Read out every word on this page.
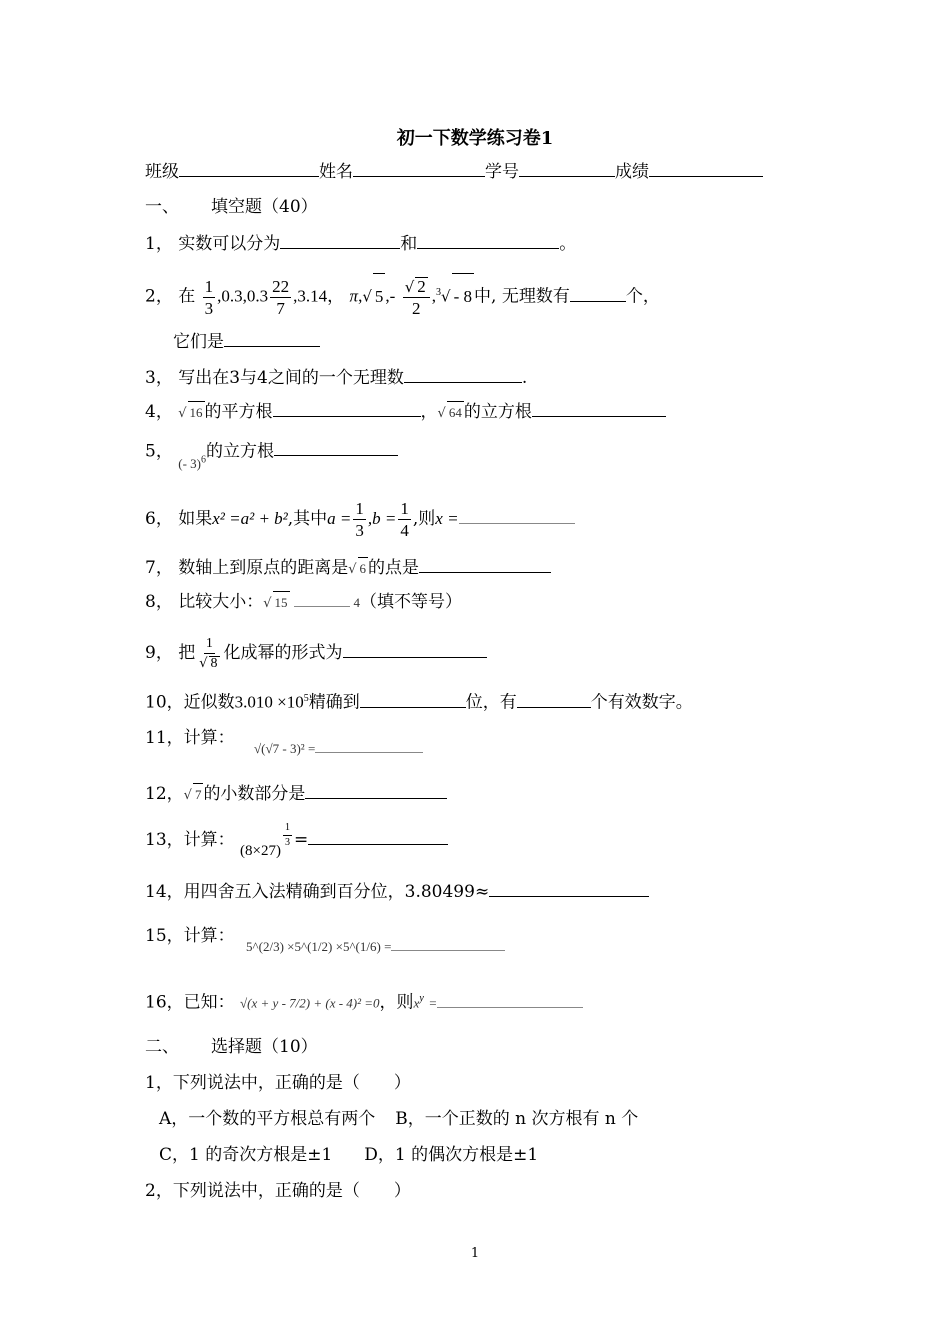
初一下数学练习卷1
班级	姓名	学号	成绩
一、 填空题（40）
1， 实数可以分为	和	。
2， 在 $\frac{1}{3} ,0.3,0.3 \frac{22}{7} ,3.14$， π,√ 5 ,- $\frac{√ 2}{2} ,^3√ - 8$ 中, 无理数有	个，
它们是
3， 写出在3与4之间的一个无理数	.
4， √ 16 的平方根	，√ 64 的立方根
5， $_{(- 3)^6}$的立方根
6， 如果x² =a² + b²,其中$a = \frac{1}{3} ,b = \frac{1}{4}$ ,则x =
7， 数轴上到原点的距离是√ 6 的点是
8， 比较大小：√ 15	4（填不等号）
9， 把 $\frac{1}{√ 8}$ 化成幂的形式为
10，近似数$3.010 \times 10^5$精确到	位，有	个有效数字。
11，计算： $_{√(√7 - 3)^2 =}$
12，√ 7 的小数部分是
13，计算： (8×27)
$\frac{1}{3}$ =
14，用四舍五入法精确到百分位，3.80499≈
15，计算： $_{5\^{}(2/3) \times 5\^{}(1/2) \times 5\^{}(1/6) =}$
16，已知： √(x + y - 7/2) + (x - 4)² =0，则$x^y$ =
二、 选择题（10）
1，下列说法中，正确的是（　　）
A，一个数的平方根总有两个 B，一个正数的 n 次方根有 n 个
C，1 的奇次方根是±1 D，1 的偶次方根是±1
2，下列说法中，正确的是（　　）
1
